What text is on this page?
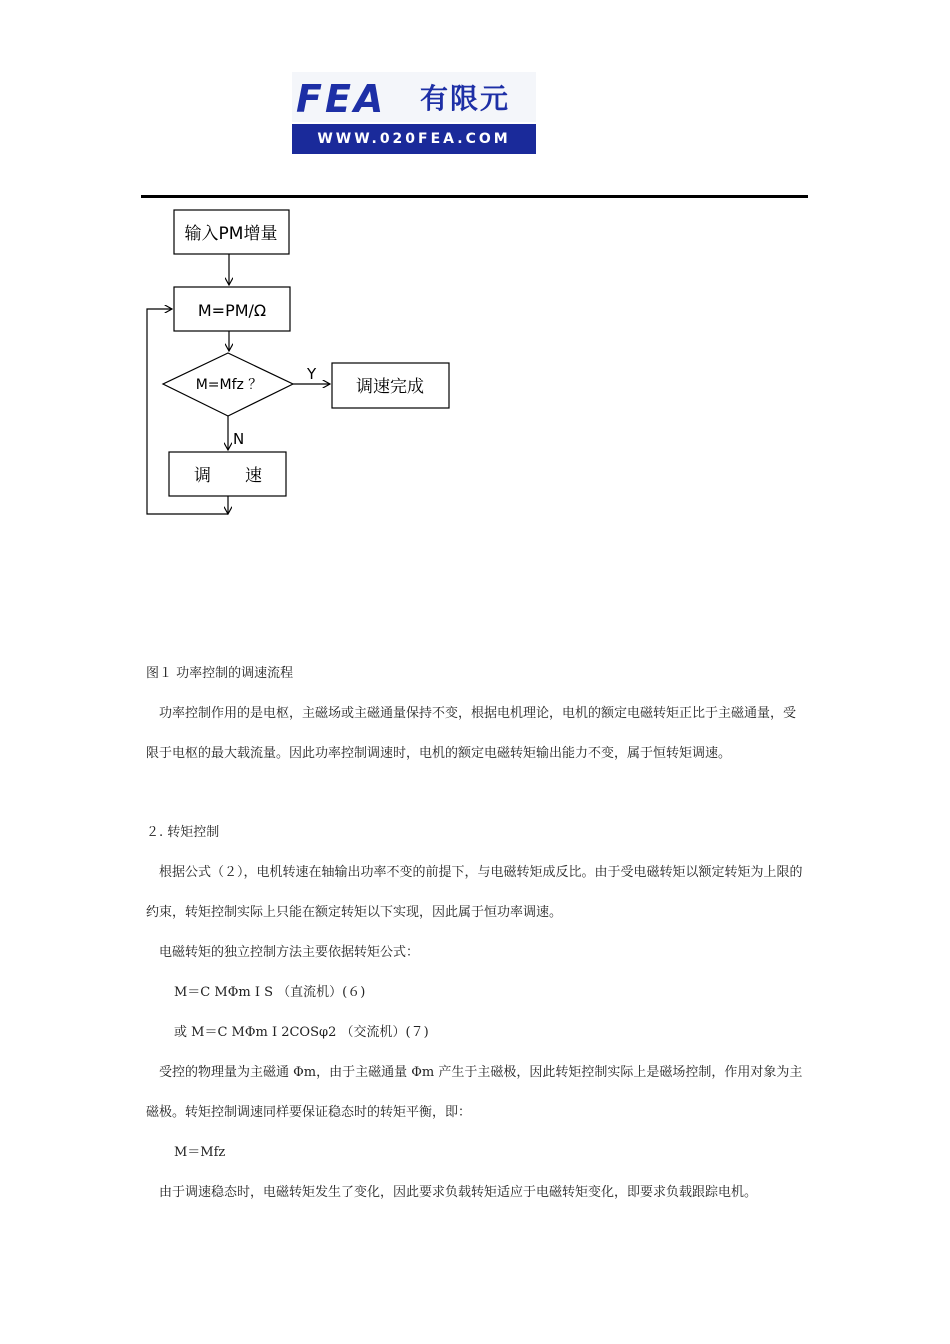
FEA 有限元
WWW.020FEA.COM
输入PM增量
M=PM/Ω
M=Mfz ？	调速完成
调　　速
Y
N
图１ 功率控制的调速流程
功率控制作用的是电枢，主磁场或主磁通量保持不变，根据电机理论，电机的额定电磁转矩正比于主磁通量，受限于电枢的最大载流量。因此功率控制调速时，电机的额定电磁转矩输出能力不变，属于恒转矩调速。
２. 转矩控制
根据公式（２），电机转速在轴输出功率不变的前提下，与电磁转矩成反比。由于受电磁转矩以额定转矩为上限的约束，转矩控制实际上只能在额定转矩以下实现，因此属于恒功率调速。
电磁转矩的独立控制方法主要依据转矩公式：
M＝C MΦm I S （直流机）(６)
或 M＝C MΦm I 2COSφ2 （交流机）(７)
受控的物理量为主磁通 Φm，由于主磁通量 Φm 产生于主磁极，因此转矩控制实际上是磁场控制，作用对象为主磁极。转矩控制调速同样要保证稳态时的转矩平衡，即：
M＝Mfz
由于调速稳态时，电磁转矩发生了变化，因此要求负载转矩适应于电磁转矩变化，即要求负载跟踪电机。
